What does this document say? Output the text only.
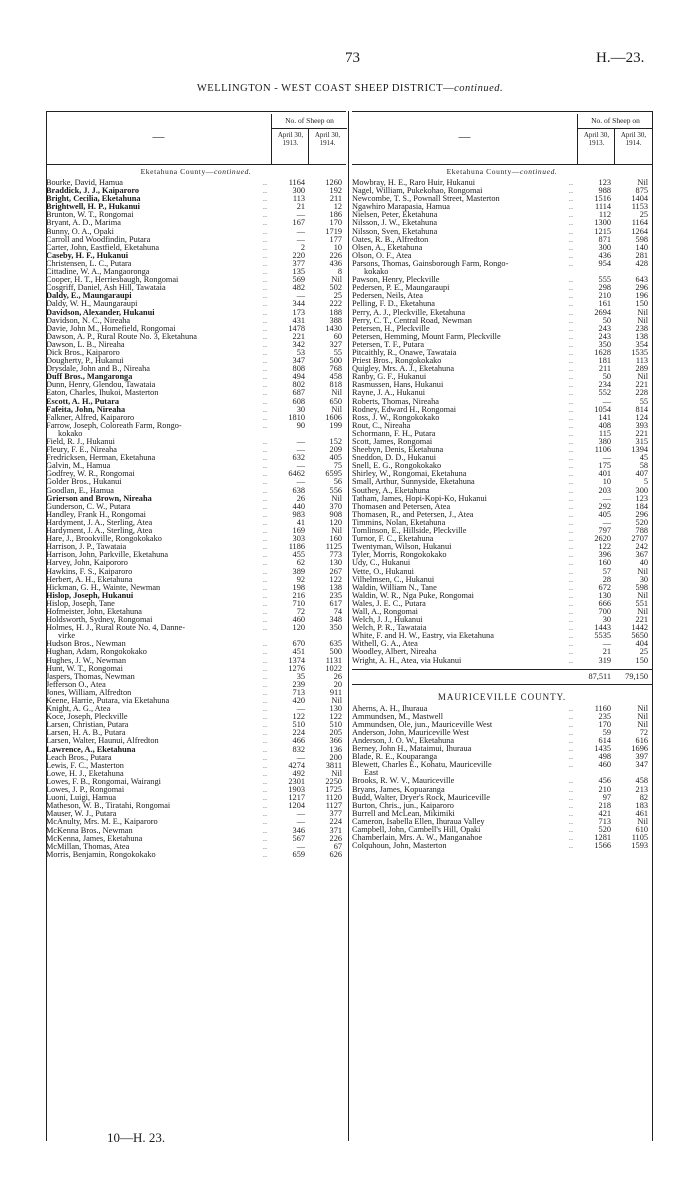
73	H.—23.
WELLINGTON - WEST COAST SHEEP DISTRICT—continued.
—
No. of Sheep on
April 30, 1913.
April 30, 1914.
Eketahuna County—continued.
Bourke, David, Hamua	..	1164	1260
Braddick, J. J., Kaiparoro	..	300	192
Bright, Cecilia, Eketahuna	..	113	211
Brightwell, H. P., Hukanui	..	21	12
Brunton, W. T., Rongomai	..	—	186
Bryant, A. D., Marima	..	167	170
Bunny, O. A., Opaki	..	—	1719
Carroll and Woodfindin, Putara	..	—	177
Carter, John, Eastfield, Eketahuna	..	2	10
Caseby, H. F., Hukanui	..	220	226
Christensen, L. C., Putara	..	377	436
Cittadine, W. A., Mangaoronga	..	135	8
Cooper, H. T., Herriesbaugh, Rongomai	..	569	Nil
Cosgriff, Daniel, Ash Hill, Tawataia	..	482	502
Daldy, E., Maungaraupi	..	—	25
Daldy, W. H., Maungaraupi	..	344	222
Davidson, Alexander, Hukanui	..	173	188
Davidson, N. C., Nireaha	..	431	388
Davie, John M., Homefield, Rongomai	..	1478	1430
Dawson, A. P., Rural Route No. 3, Eketahuna	..	221	60
Dawson, L. B., Nireaha	..	342	327
Dick Bros., Kaiparoro	..	53	55
Dougherty, P., Hukanui	..	347	500
Drysdale, John and B., Nireaha	..	808	768
Duff Bros., Mangaronga	..	494	458
Dunn, Henry, Glendou, Tawataia	..	802	818
Eaton, Charles, Ihukoi, Masterton	..	687	Nil
Escott, A. H., Putara	..	608	650
Fafeita, John, Nireaha	..	30	Nil
Falkner, Alfred, Kaiparoro	..	1810	1606
Farrow, Joseph, Coloreath Farm, Rongo-	..	90	199
kokako
Field, R. J., Hukanui	..	—	152
Fleury, F. E., Nireaha	..	—	209
Fredricksen, Herman, Eketahuna	..	632	405
Galvin, M., Hamua	..	—	75
Godfrey, W. R., Rongomai	..	6462	6595
Golder Bros., Hukanui	..	—	56
Goodlan, E., Hamua	..	638	556
Grierson and Brown, Nireaha	..	26	Nil
Gunderson, C. W., Putara	..	440	370
Handley, Frank H., Rongomai	..	983	908
Hardyment, J. A., Sterling, Atea	..	41	120
Hardyment, J. A., Sterling, Atea	..	169	Nil
Hare, J., Brookville, Rongokokako	..	303	160
Harrison, J. P., Tawataia	..	1186	1125
Harrison, John, Parkville, Eketahuna	..	455	773
Harvey, John, Kaipororo	..	62	130
Hawkins, F. S., Kaiparoro	..	389	267
Herbert, A. H., Eketahuna	..	92	122
Hickman, G. H., Wainte, Newman	..	198	138
Hislop, Joseph, Hukanui	..	216	235
Hislop, Joseph, Tane	..	710	617
Hofmeister, John, Eketahuna	..	72	74
Holdsworth, Sydney, Rongomai	..	460	348
Holmes, H. J., Rural Route No. 4, Danne-	..	120	350
virke
Hudson Bros., Newman	..	670	635
Hughan, Adam, Rongokokako	..	451	500
Hughes, J. W., Newman	..	1374	1131
Hunt, W. T., Rongomai	..	1276	1022
Jaspers, Thomas, Newman	..	35	26
Jefferson O., Atea	..	239	20
Jones, William, Alfredton	..	713	911
Keene, Harrie, Putara, via Eketahuna	..	420	Nil
Knight, A. G., Atea	..	—	130
Koce, Joseph, Pleckville	..	122	122
Larsen, Christian, Putara	..	510	510
Larsen, H. A. B., Putara	..	224	205
Larsen, Walter, Haunui, Alfredton	..	466	366
Lawrence, A., Eketahuna	..	832	136
Leach Bros., Putara	..	—	200
Lewis, F. C., Masterton	..	4274	3811
Lowe, H. J., Eketahuna	..	492	Nil
Lowes, F. B., Rongomai, Wairangi	..	2301	2250
Lowes, J. P., Rongomai	..	1903	1725
Luoni, Luigi, Hamua	..	1217	1120
Matheson, W. B., Tiratahi, Rongomai	..	1204	1127
Mauser, W. J., Putara	..	—	377
McAnulty, Mrs. M. E., Kaiparoro	..	—	224
McKenna Bros., Newman	..	346	371
McKenna, James, Eketahuna	..	567	226
McMillan, Thomas, Atea	..	—	67
Morris, Benjamin, Rongokokako	..	659	626
—
No. of Sheep on
April 30, 1913.
April 30, 1914.
Eketahuna County—continued.
Mowbray, H. E., Raro Huir, Hukanui	..	123	Nil
Nagel, William, Pukekohao, Rongomai	..	988	875
Newcombe, T. S., Pownall Street, Masterton	..	1516	1404
Ngawhiro Marapasia, Hamua	..	1114	1153
Nielsen, Peter, Eketahuna	..	112	25
Nilsson, J. W., Eketahuna	..	1300	1164
Nilsson, Sven, Eketahuna	..	1215	1264
Oates, R. B., Alfredton	..	871	598
Olsen, A., Eketahuna	..	300	140
Olson, O. F., Atea	..	436	281
Parsons, Thomas, Gainsborough Farm, Rongo-	..	954	428
kokako
Pawson, Henry, Pleckville	..	555	643
Pedersen, P. E., Maungaraupi	..	298	296
Pedersen, Neils, Atea	..	210	196
Pelling, F. D., Eketahuna	..	161	150
Perry, A. J., Pleckville, Eketahuna	..	2694	Nil
Perry, C. T., Central Road, Newman	..	50	Nil
Petersen, H., Pleckville	..	243	238
Petersen, Hemming, Mount Farm, Pleckville	..	243	138
Petersen, T. F., Putara	..	350	354
Pitcaithly, R., Onawe, Tawataia	..	1628	1535
Priest Bros., Rongokokako	..	181	113
Quigley, Mrs. A. J., Eketahuna	..	211	289
Ranby, G. F., Hukanui	..	50	Nil
Rasmussen, Hans, Hukanui	..	234	221
Rayne, J. A., Hukanui	..	552	228
Roberts, Thomas, Nireaha	..	—	55
Rodney, Edward H., Rongomai	..	1054	814
Ross, J. W., Rongokokako	..	141	124
Rout, C., Nireaha	..	408	393
Schormann, F. H., Putara	..	115	221
Scott, James, Rongomai	..	380	315
Sheebyn, Denis, Eketahuna	..	1106	1394
Sneddon, D. D., Hukanui	..	—	45
Snell, E. G., Rongokokako	..	175	58
Shirley, W., Rongomai, Eketahuna	..	401	407
Small, Arthur, Sunnyside, Eketahuna	..	10	5
Southey, A., Eketahuna	..	203	300
Tatham, James, Hopi-Kopi-Ko, Hukanui	..	—	123
Thomasen and Petersen, Atea	..	292	184
Thomasen, R., and Petersen, J., Atea	..	405	296
Timmins, Nolan, Eketahuna	..	—	520
Tomlinson, E., Hillside, Pleckville	..	797	788
Turnor, F. C., Eketahuna	..	2620	2707
Twentyman, Wilson, Hukanui	..	122	242
Tyler, Morris, Rongokokako	..	396	367
Udy, C., Hukanui	..	160	40
Vette, O., Hukanui	..	57	Nil
Vilhelmsen, C., Hukanui	..	28	30
Waldin, William N., Tane	..	672	598
Waldin, W. R., Nga Puke, Rongomai	..	130	Nil
Wales, J. E. C., Putara	..	666	551
Wall, A., Rongomai	..	700	Nil
Welch, J. J., Hukanui	..	30	221
Welch, P. R., Tawataia	..	1443	1442
White, F. and H. W., Eastry, via Eketahuna	..	5535	5650
Withell, G. A., Atea	..	—	404
Woodley, Albert, Nireaha	..	21	25
Wright, A. H., Atea, via Hukanui	..	319	150
87,511	79,150
MAURICEVILLE COUNTY.
Aherns, A. H., Ihuraua	..	1160	Nil
Ammundsen, M., Mastwell	..	235	Nil
Ammundsen, Ole, jun., Mauriceville West	..	170	Nil
Anderson, John, Mauriceville West	..	59	72
Anderson, J. O. W., Eketahuna	..	614	616
Berney, John H., Mataimui, Ihuraua	..	1435	1696
Blade, R. E., Kouparanga	..	498	397
Blewett, Charles E., Kohatu, Mauriceville	..	460	347
East
Brooks, R. W. V., Mauriceville	..	456	458
Bryans, James, Kopuaranga	..	210	213
Budd, Walter, Dryer's Rock, Mauriceville	..	97	82
Burton, Chris., jun., Kaiparoro	..	218	183
Burrell and McLean, Mikimiki	..	421	461
Cameron, Isabella Ellen, Ihuraua Valley	..	713	Nil
Campbell, John, Cambell's Hill, Opaki	..	520	610
Chamberlain, Mrs. A. W., Manganahoe	..	1281	1105
Colquhoun, John, Masterton	..	1566	1593
10—H. 23.
